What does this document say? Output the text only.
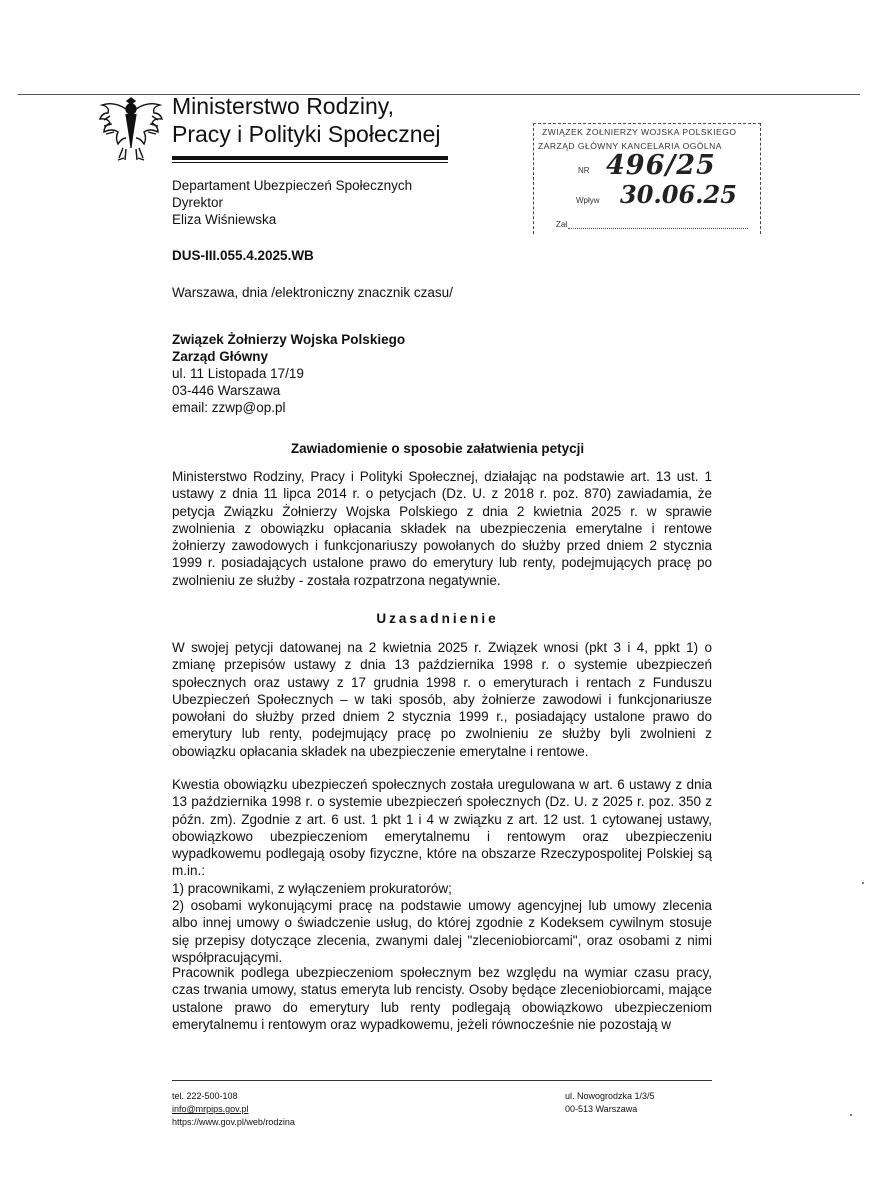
Ministerstwo Rodziny,
Pracy i Polityki Społecznej
Departament Ubezpieczeń Społecznych
Dyrektor
Eliza Wiśniewska
DUS-III.055.4.2025.WB
Warszawa, dnia /elektroniczny znacznik czasu/
ZWIĄZEK ŻOŁNIERZY WOJSKA POLSKIEGO
ZARZĄD GŁÓWNY KANCELARIA OGÓLNA
NR 496/25
Wpływ 30.06.25
Zał
Związek Żołnierzy Wojska Polskiego
Zarząd Główny
ul. 11 Listopada 17/19
03-446 Warszawa
email: zzwp@op.pl
Zawiadomienie o sposobie załatwienia petycji
Ministerstwo Rodziny, Pracy i Polityki Społecznej, działając na podstawie art. 13 ust. 1 ustawy z dnia 11 lipca 2014 r. o petycjach (Dz. U. z 2018 r. poz. 870) zawiadamia, że petycja Związku Żołnierzy Wojska Polskiego z dnia 2 kwietnia 2025 r. w sprawie zwolnienia z obowiązku opłacania składek na ubezpieczenia emerytalne i rentowe żołnierzy zawodowych i funkcjonariuszy powołanych do służby przed dniem 2 stycznia 1999 r. posiadających ustalone prawo do emerytury lub renty, podejmujących pracę po zwolnieniu ze służby - została rozpatrzona negatywnie.
Uzasadnienie
W swojej petycji datowanej na 2 kwietnia 2025 r. Związek wnosi (pkt 3 i 4, ppkt 1) o zmianę przepisów ustawy z dnia 13 października 1998 r. o systemie ubezpieczeń społecznych oraz ustawy z 17 grudnia 1998 r. o emeryturach i rentach z Funduszu Ubezpieczeń Społecznych – w taki sposób, aby żołnierze zawodowi i funkcjonariusze powołani do służby przed dniem 2 stycznia 1999 r., posiadający ustalone prawo do emerytury lub renty, podejmujący pracę po zwolnieniu ze służby byli zwolnieni z obowiązku opłacania składek na ubezpieczenie emerytalne i rentowe.
Kwestia obowiązku ubezpieczeń społecznych została uregulowana w art. 6 ustawy z dnia 13 października 1998 r. o systemie ubezpieczeń społecznych (Dz. U. z 2025 r. poz. 350 z późn. zm). Zgodnie z art. 6 ust. 1 pkt 1 i 4 w związku z art. 12 ust. 1 cytowanej ustawy, obowiązkowo ubezpieczeniom emerytalnemu i rentowym oraz ubezpieczeniu wypadkowemu podlegają osoby fizyczne, które na obszarze Rzeczypospolitej Polskiej są m.in.:
1) pracownikami, z wyłączeniem prokuratorów;
2) osobami wykonującymi pracę na podstawie umowy agencyjnej lub umowy zlecenia albo innej umowy o świadczenie usług, do której zgodnie z Kodeksem cywilnym stosuje się przepisy dotyczące zlecenia, zwanymi dalej "zleceniobiorcami", oraz osobami z nimi współpracującymi.
Pracownik podlega ubezpieczeniom społecznym bez względu na wymiar czasu pracy, czas trwania umowy, status emeryta lub rencisty. Osoby będące zleceniobiorcami, mające ustalone prawo do emerytury lub renty podlegają obowiązkowo ubezpieczeniom emerytalnemu i rentowym oraz wypadkowemu, jeżeli równocześnie nie pozostają w
tel. 222-500-108
info@mrpips.gov.pl
https://www.gov.pl/web/rodzina
ul. Nowogrodzka 1/3/5
00-513 Warszawa
